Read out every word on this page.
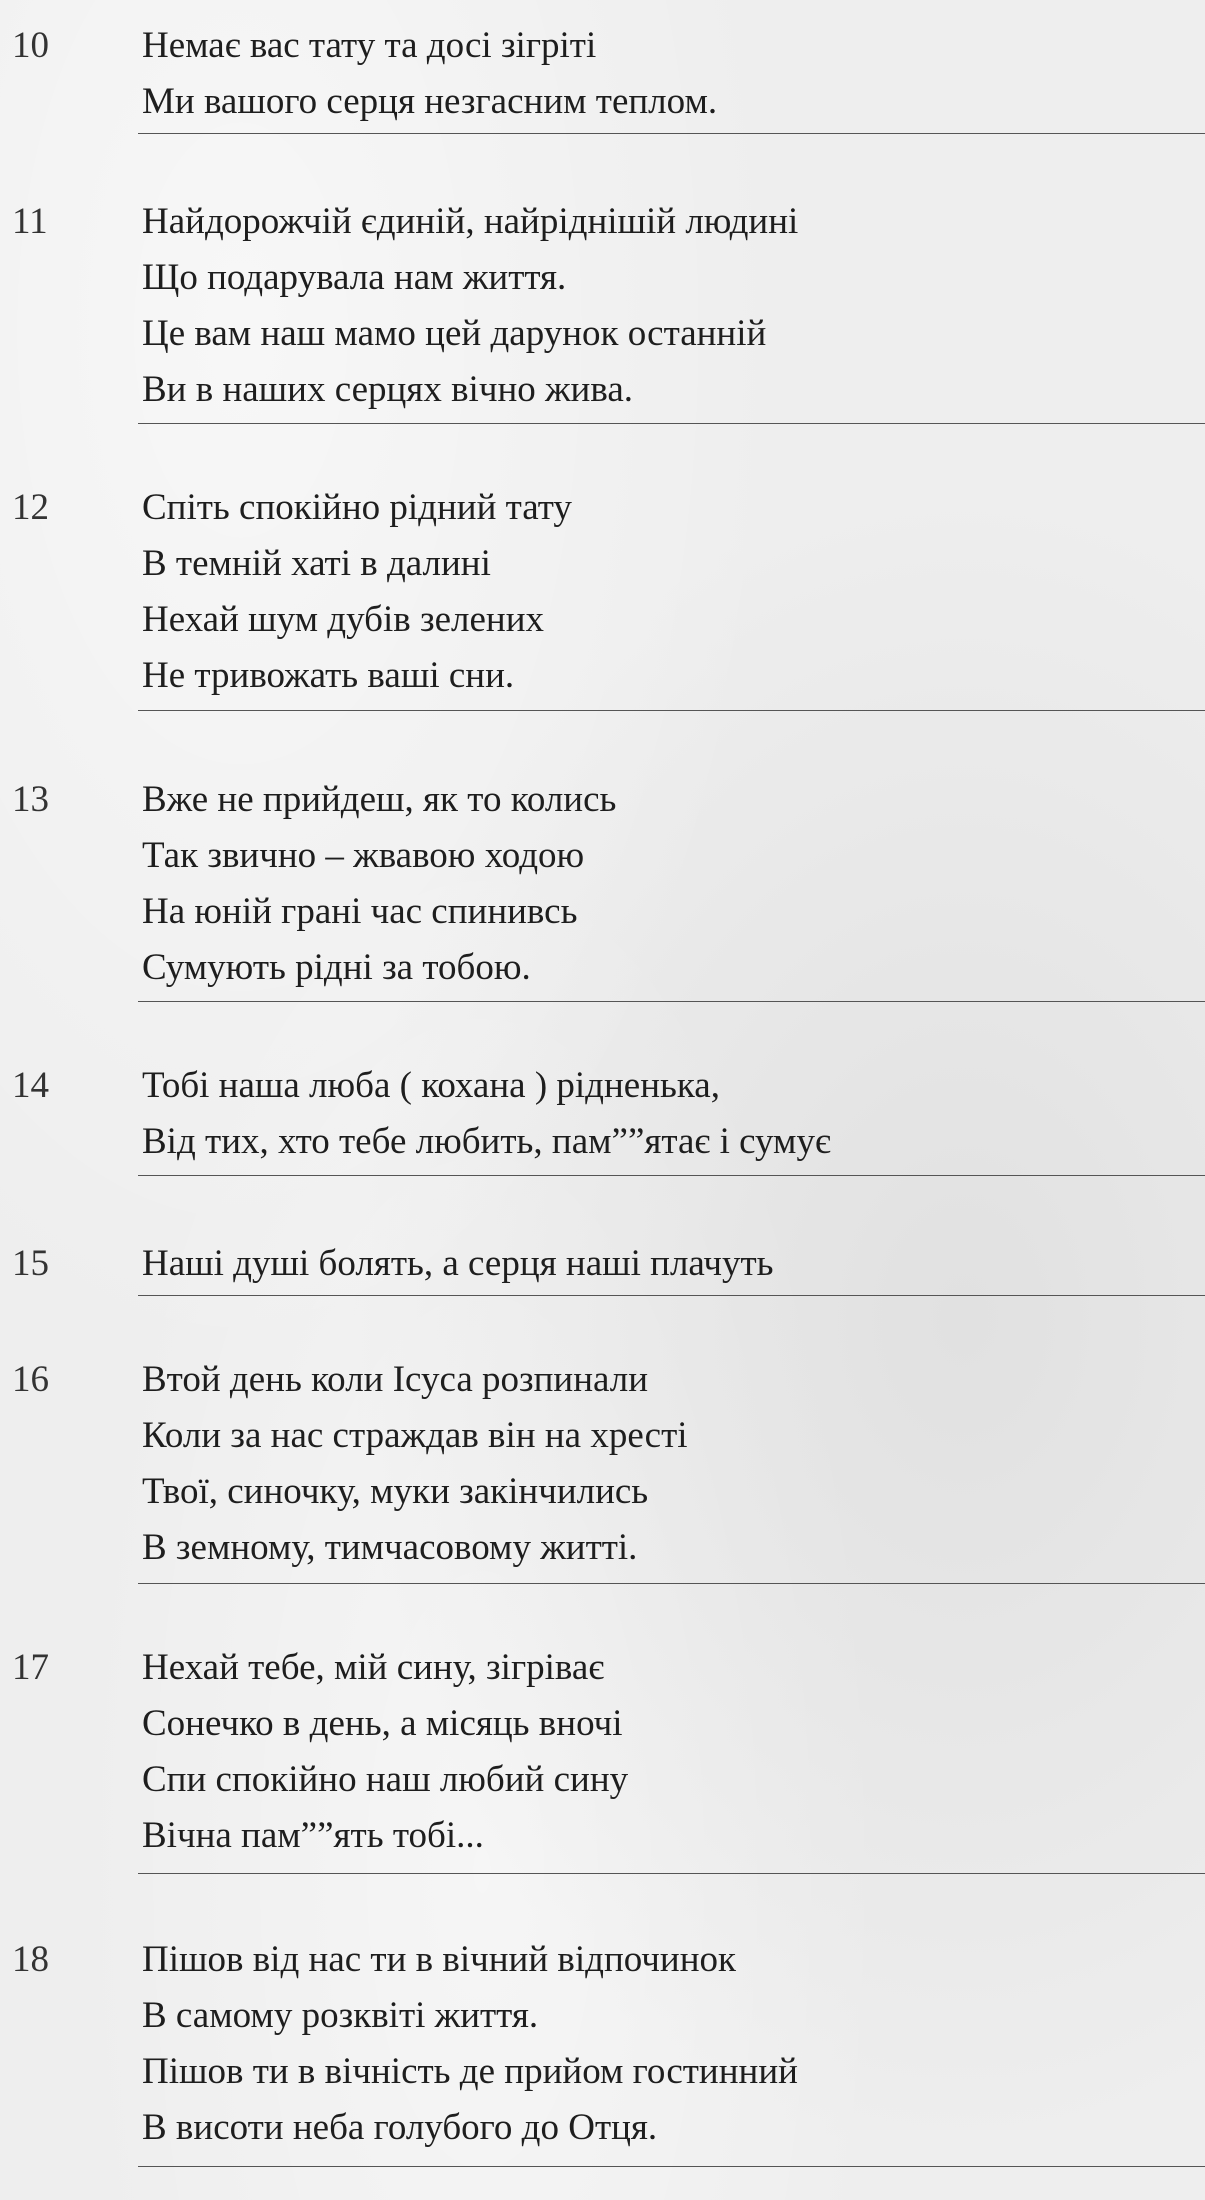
10	Немає вас тату та досі зігріті
Ми вашого серця незгасним теплом.
11	Найдорожчій єдиній, найріднішій людині
Що подарувала нам життя.
Це вам наш мамо цей дарунок останній
Ви в наших серцях вічно жива.
12	Спіть спокійно рідний тату
В темній хаті в далині
Нехай шум дубів зелених
Не тривожать ваші сни.
13	Вже не прийдеш, як то колись
Так звично – жвавою ходою
На юній грані час спинивсь
Сумують рідні за тобою.
14	Тобі наша люба ( кохана ) рідненька,
Від тих, хто тебе любить, пам””ятає і сумує
15	Наші душі болять, а серця наші плачуть
16	Втой день коли Ісуса розпинали
Коли за нас страждав він на хресті
Твої, синочку, муки закінчились
В земному, тимчасовому житті.
17	Нехай тебе, мій сину, зігріває
Сонечко в день, а місяць вночі
Спи спокійно наш любий сину
Вічна пам””ять тобі...
18	Пішов від нас ти в вічний відпочинок
В самому розквіті життя.
Пішов ти в вічність де прийом гостинний
В висоти неба голубого до Отця.
